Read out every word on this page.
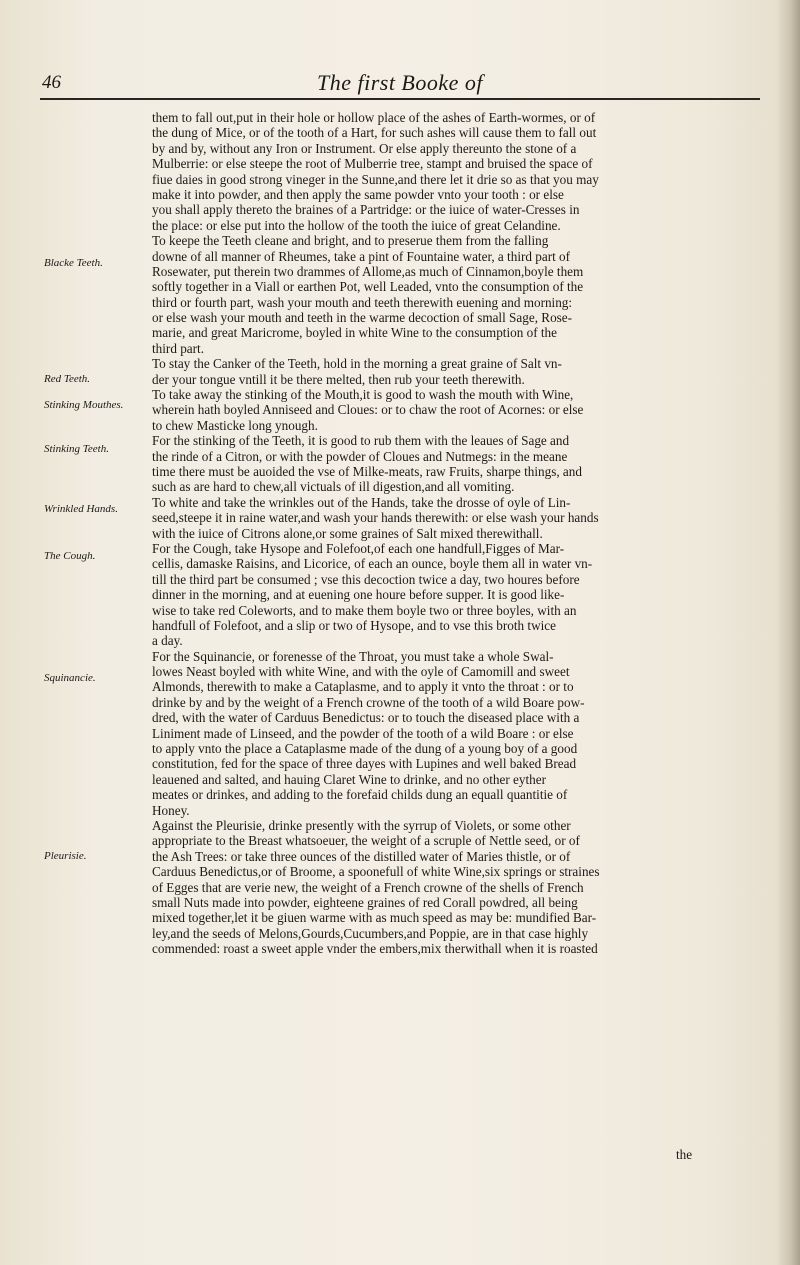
46	The first Booke of
Blacke Teeth.
Red Teeth.
Stinking Mouthes.
Stinking Teeth.
Wrinkled Hands.
The Cough.
Squinancie.
Pleurisie.
them to fall out,put in their hole or hollow place of the ashes of Earth-wormes, or of
the dung of Mice, or of the tooth of a Hart, for such ashes will cause them to fall out
by and by, without any Iron or Instrument. Or else apply thereunto the stone of a
Mulberrie: or else steepe the root of Mulberrie tree, stampt and bruised the space of
fiue daies in good strong vineger in the Sunne,and there let it drie so as that you may
make it into powder, and then apply the same powder vnto your tooth : or else
you shall apply thereto the braines of a Partridge: or the iuice of water-Cresses in
the place: or else put into the hollow of the tooth the iuice of great Celandine.
To keepe the Teeth cleane and bright, and to preserue them from the falling
downe of all manner of Rheumes, take a pint of Fountaine water, a third part of
Rosewater, put therein two drammes of Allome,as much of Cinnamon,boyle them
softly together in a Viall or earthen Pot, well Leaded, vnto the consumption of the
third or fourth part, wash your mouth and teeth therewith euening and morning:
or else wash your mouth and teeth in the warme decoction of small Sage, Rose-
marie, and great Maricrome, boyled in white Wine to the consumption of the
third part.
To stay the Canker of the Teeth, hold in the morning a great graine of Salt vn-
der your tongue vntill it be there melted, then rub your teeth therewith.
To take away the stinking of the Mouth,it is good to wash the mouth with Wine,
wherein hath boyled Anniseed and Cloues: or to chaw the root of Acornes: or else
to chew Masticke long ynough.
For the stinking of the Teeth, it is good to rub them with the leaues of Sage and
the rinde of a Citron, or with the powder of Cloues and Nutmegs: in the meane
time there must be auoided the vse of Milke-meats, raw Fruits, sharpe things, and
such as are hard to chew,all victuals of ill digestion,and all vomiting.
To white and take the wrinkles out of the Hands, take the drosse of oyle of Lin-
seed,steepe it in raine water,and wash your hands therewith: or else wash your hands
with the iuice of Citrons alone,or some graines of Salt mixed therewithall.
For the Cough, take Hysope and Folefoot,of each one handfull,Figges of Mar-
cellis, damaske Raisins, and Licorice, of each an ounce, boyle them all in water vn-
till the third part be consumed ; vse this decoction twice a day, two houres before
dinner in the morning, and at euening one houre before supper. It is good like-
wise to take red Coleworts, and to make them boyle two or three boyles, with an
handfull of Folefoot, and a slip or two of Hysope, and to vse this broth twice
a day.
For the Squinancie, or forenesse of the Throat, you must take a whole Swal-
lowes Neast boyled with white Wine, and with the oyle of Camomill and sweet
Almonds, therewith to make a Cataplasme, and to apply it vnto the throat : or to
drinke by and by the weight of a French crowne of the tooth of a wild Boare pow-
dred, with the water of Carduus Benedictus: or to touch the diseased place with a
Liniment made of Linseed, and the powder of the tooth of a wild Boare : or else
to apply vnto the place a Cataplasme made of the dung of a young boy of a good
constitution, fed for the space of three dayes with Lupines and well baked Bread
leauened and salted, and hauing Claret Wine to drinke, and no other eyther
meates or drinkes, and adding to the forefaid childs dung an equall quantitie of
Honey.
Against the Pleurisie, drinke presently with the syrrup of Violets, or some other
appropriate to the Breast whatsoeuer, the weight of a scruple of Nettle seed, or of
the Ash Trees: or take three ounces of the distilled water of Maries thistle, or of
Carduus Benedictus,or of Broome, a spoonefull of white Wine,six springs or straines
of Egges that are verie new, the weight of a French crowne of the shells of French
small Nuts made into powder, eighteene graines of red Corall powdred, all being
mixed together,let it be giuen warme with as much speed as may be: mundified Bar-
ley,and the seeds of Melons,Gourds,Cucumbers,and Poppie, are in that case highly
commended: roast a sweet apple vnder the embers,mix therwithall when it is roasted
the
